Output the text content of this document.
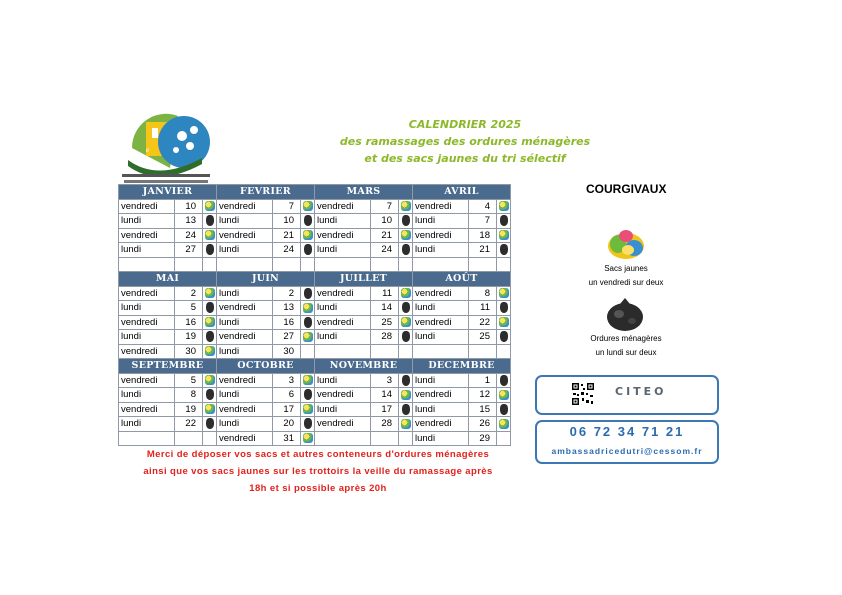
e
CALENDRIER 2025
des ramassages des ordures ménagères
et des sacs jaunes du tri sélectif
COURGIVAUX
JANVIER			FEVRIER			MARS			AVRIL		
vendredi	10		vendredi	7		vendredi	7		vendredi	4	
lundi	13		lundi	10		lundi	10		lundi	7	
vendredi	24		vendredi	21		vendredi	21		vendredi	18	
lundi	27		lundi	24		lundi	24		lundi	21	

MAI			JUIN			JUILLET			AOÛT		
vendredi	2		lundi	2		vendredi	11		vendredi	8	
lundi	5		vendredi	13		lundi	14		lundi	11	
vendredi	16		lundi	16		vendredi	25		vendredi	22	
lundi	19		vendredi	27		lundi	28		lundi	25	
vendredi	30		lundi	30							
SEPTEMBRE			OCTOBRE			NOVEMBRE			DECEMBRE		
vendredi	5		vendredi	3		lundi	3		lundi	1	
lundi	8		lundi	6		vendredi	14		vendredi	12	
vendredi	19		vendredi	17		lundi	17		lundi	15	
lundi	22		lundi	20		vendredi	28		vendredi	26	
			vendredi	31					lundi	29	
Merci de déposer vos sacs et autres conteneurs d'ordures ménagères
ainsi que vos sacs jaunes sur les trottoirs la veille du ramassage après
18h et si possible après 20h
Sacs jaunes
un vendredi sur deux
Ordures ménagères
un lundi sur deux
CITEO
06 72 34 71 21
ambassadricedutri@cessom.fr
